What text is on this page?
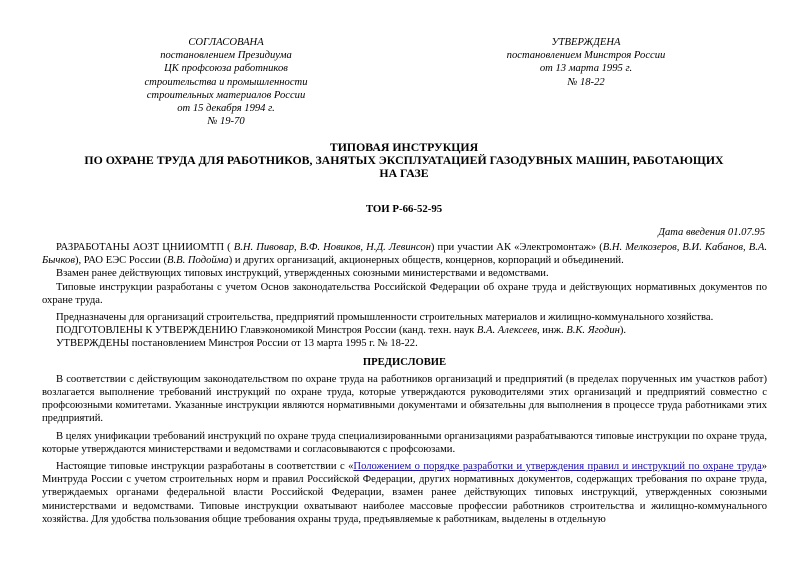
СОГЛАСОВАНА
постановлением Президиума
ЦК профсоюза работников
строительства и промышленности
строительных материалов России
от 15 декабря 1994 г.
№ 19-70
УТВЕРЖДЕНА
постановлением Минстроя России
от 13 марта 1995 г.
№ 18-22
ТИПОВАЯ ИНСТРУКЦИЯ
ПО ОХРАНЕ ТРУДА ДЛЯ РАБОТНИКОВ, ЗАНЯТЫХ ЭКСПЛУАТАЦИЕЙ ГАЗОДУВНЫХ МАШИН, РАБОТАЮЩИХ
НА ГАЗЕ
ТОИ Р-66-52-95
Дата введения 01.07.95

РАЗРАБОТАНЫ АОЗТ ЦНИИОМТП ( В.Н. Пивовар, В.Ф. Новиков, Н.Д. Левинсон) при участии АК «Электромонтаж» (В.Н. Мелкозеров, В.И. Кабанов, В.А. Бычков), РАО ЕЭС России (В.В. Подойма) и других организаций, акционерных обществ, концернов, корпораций и объединений.

Взамен ранее действующих типовых инструкций, утвержденных союзными министерствами и ведомствами.

Типовые инструкции разработаны с учетом Основ законодательства Российской Федерации об охране труда и действующих нормативных документов по охране труда.

Предназначены для организаций строительства, предприятий промышленности строительных материалов и жилищно-коммунального хозяйства.

ПОДГОТОВЛЕНЫ К УТВЕРЖДЕНИЮ Главэкономикой Минстроя России (канд. техн. наук В.А. Алексеев, инж. В.К. Ягодин).

УТВЕРЖДЕНЫ постановлением Минстроя России от 13 марта 1995 г. № 18-22.

ПРЕДИСЛОВИЕ

В соответствии с действующим законодательством по охране труда на работников организаций и предприятий (в пределах порученных им участков работ) возлагается выполнение требований инструкций по охране труда, которые утверждаются руководителями этих организаций и предприятий совместно с профсоюзными комитетами. Указанные инструкции являются нормативными документами и обязательны для выполнения в процессе труда работниками этих предприятий.

В целях унификации требований инструкций по охране труда специализированными организациями разрабатываются типовые инструкции по охране труда, которые утверждаются министерствами и ведомствами и согласовываются с профсоюзами.

Настоящие типовые инструкции разработаны в соответствии с «Положением о порядке разработки и утверждения правил и инструкций по охране труда» Минтруда России с учетом строительных норм и правил Российской Федерации, других нормативных документов, содержащих требования по охране труда, утверждаемых органами федеральной власти Российской Федерации, взамен ранее действующих типовых инструкций, утвержденных союзными министерствами и ведомствами. Типовые инструкции охватывают наиболее массовые профессии работников строительства и жилищно-коммунального хозяйства. Для удобства пользования общие требования охраны труда, предъявляемые к работникам, выделены в отдельную
